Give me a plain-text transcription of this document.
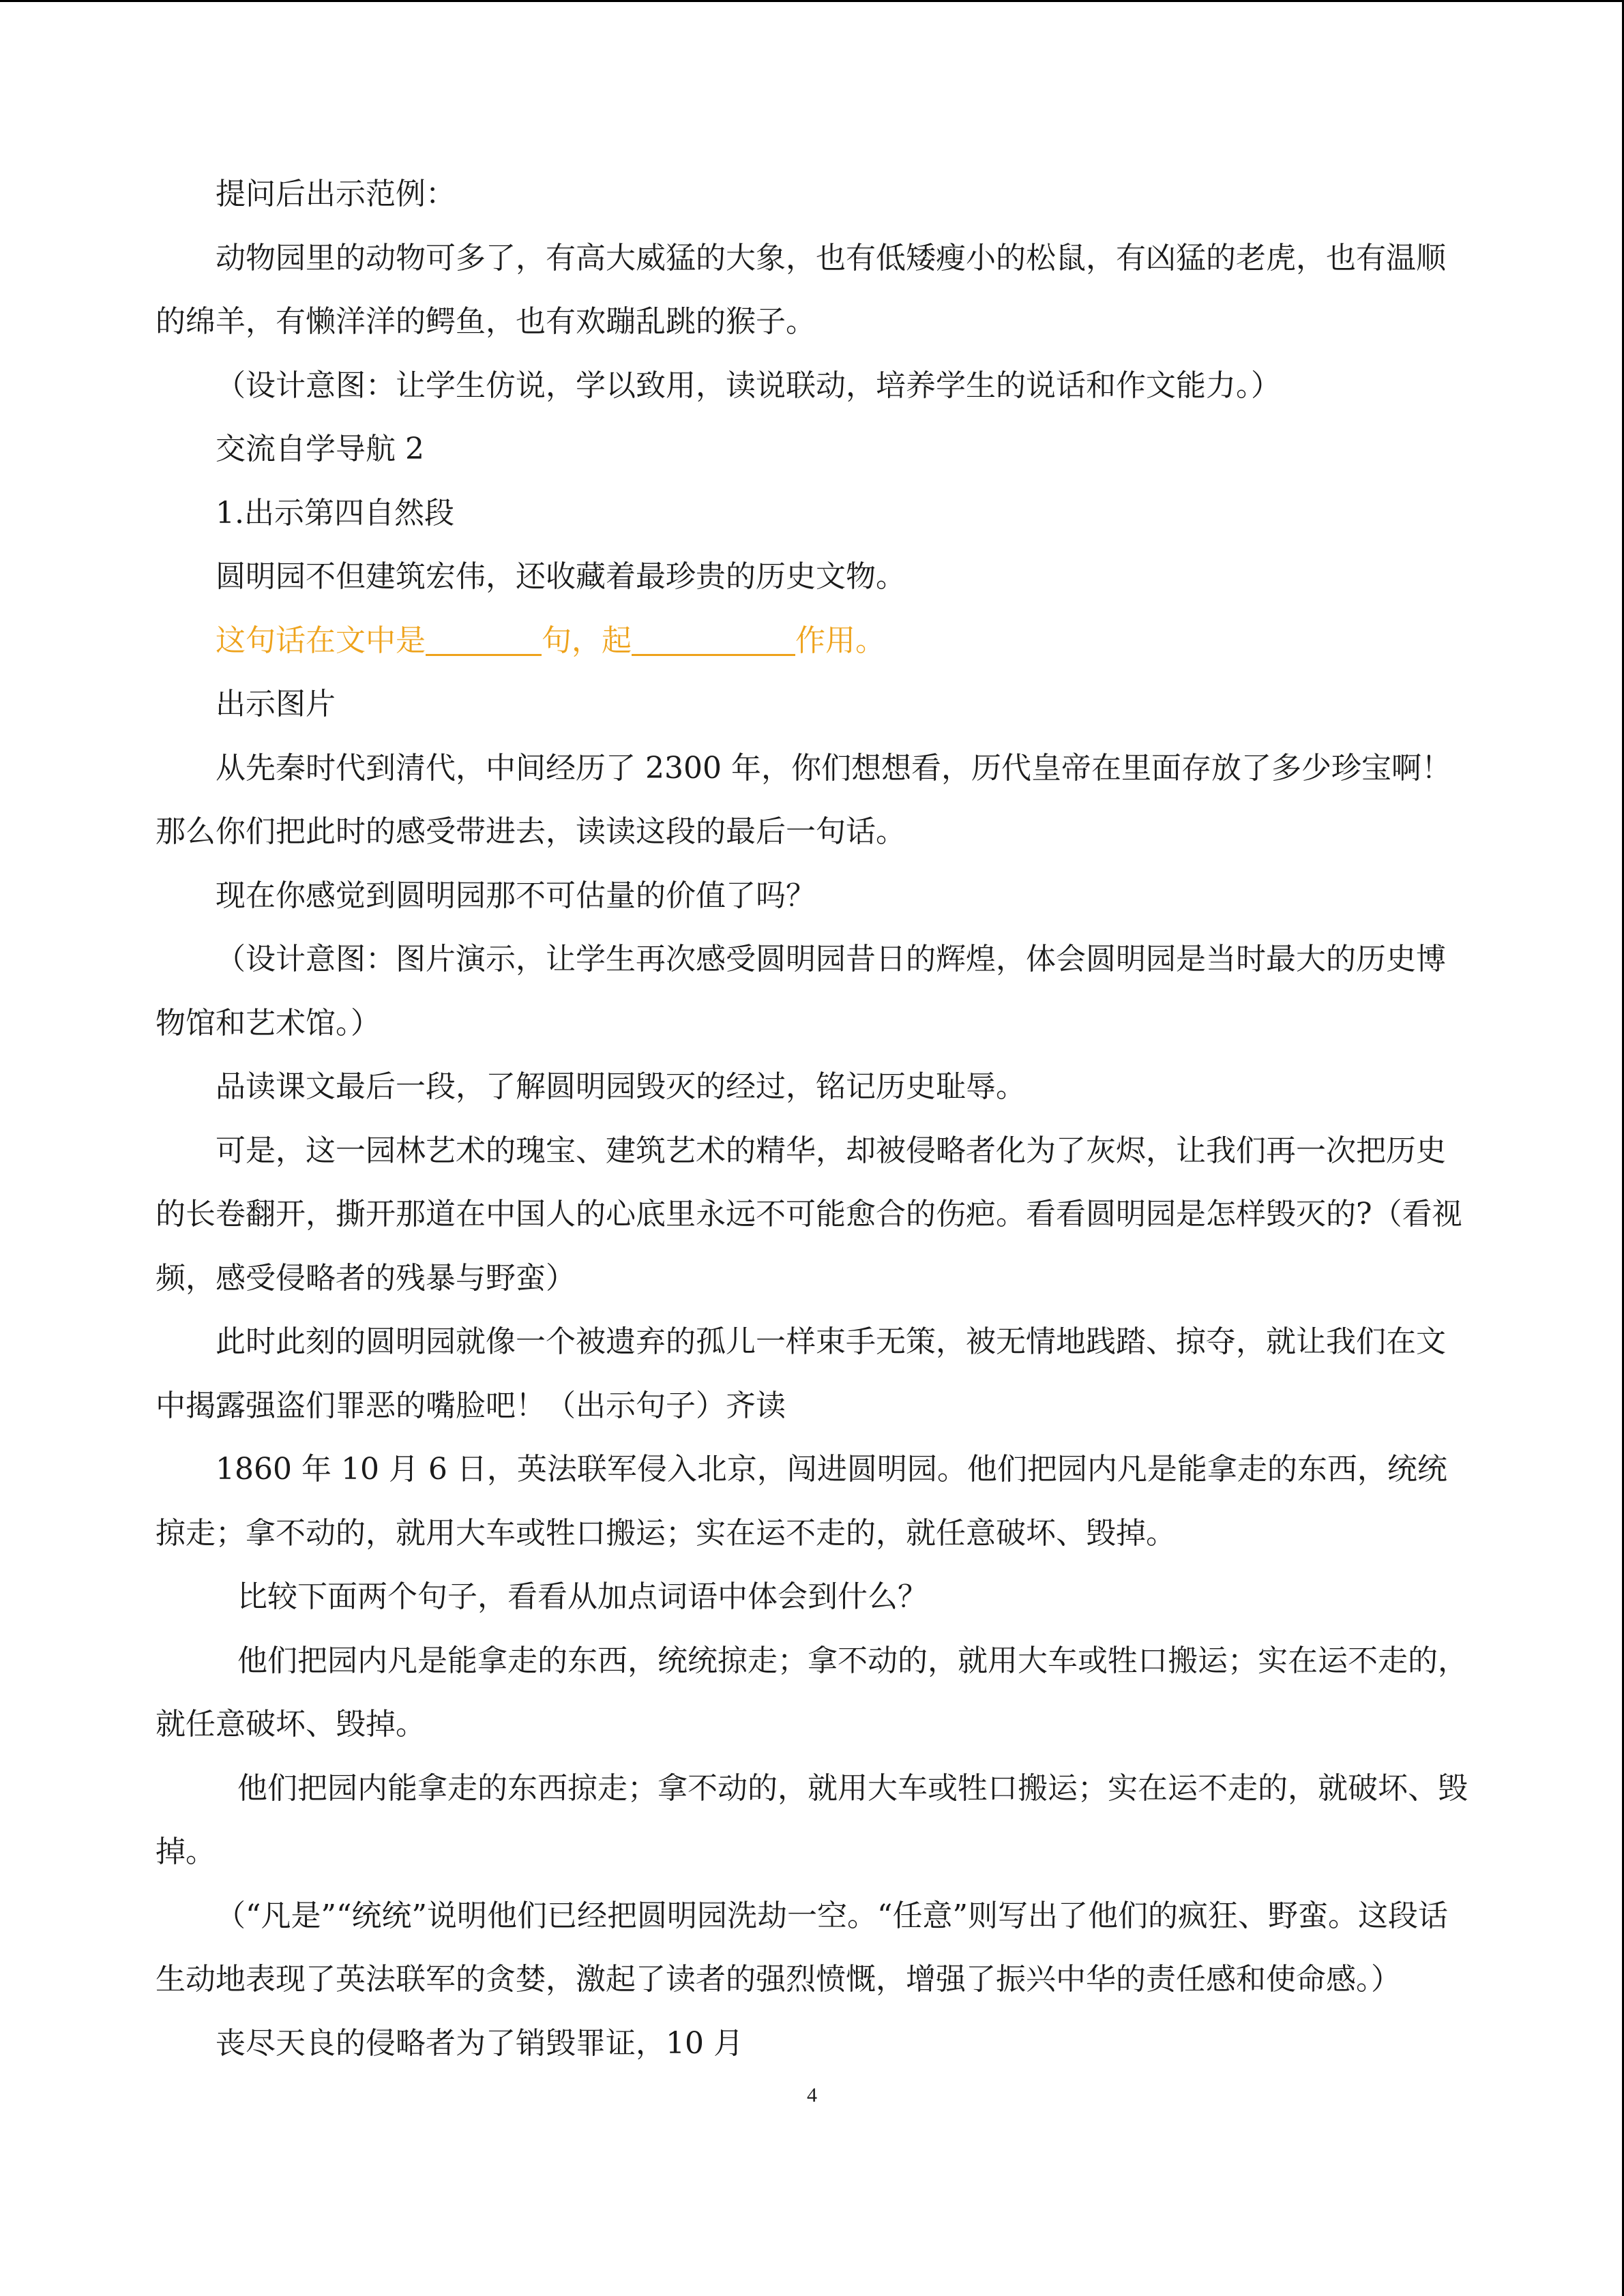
提问后出示范例：

动物园里的动物可多了，有高大威猛的大象，也有低矮瘦小的松鼠，有凶猛的老虎，也有温顺的绵羊，有懒洋洋的鳄鱼，也有欢蹦乱跳的猴子。

（设计意图：让学生仿说，学以致用，读说联动，培养学生的说话和作文能力。）

交流自学导航 2

1.出示第四自然段

圆明园不但建筑宏伟，还收藏着最珍贵的历史文物。

这句话在文中是	句，起	作用。

出示图片

从先秦时代到清代，中间经历了 2300 年，你们想想看，历代皇帝在里面存放了多少珍宝啊！那么你们把此时的感受带进去，读读这段的最后一句话。

现在你感觉到圆明园那不可估量的价值了吗？

（设计意图：图片演示，让学生再次感受圆明园昔日的辉煌，体会圆明园是当时最大的历史博物馆和艺术馆。）

品读课文最后一段，了解圆明园毁灭的经过，铭记历史耻辱。

可是，这一园林艺术的瑰宝、建筑艺术的精华，却被侵略者化为了灰烬，让我们再一次把历史的长卷翻开，撕开那道在中国人的心底里永远不可能愈合的伤疤。看看圆明园是怎样毁灭的?（看视频，感受侵略者的残暴与野蛮）

此时此刻的圆明园就像一个被遗弃的孤儿一样束手无策，被无情地践踏、掠夺，就让我们在文中揭露强盗们罪恶的嘴脸吧！（出示句子）齐读

1860 年 10 月 6 日，英法联军侵入北京，闯进圆明园。他们把园内凡是能拿走的东西，统统掠走；拿不动的，就用大车或牲口搬运；实在运不走的，就任意破坏、毁掉。

比较下面两个句子，看看从加点词语中体会到什么？

他们把园内凡是能拿走的东西，统统掠走；拿不动的，就用大车或牲口搬运；实在运不走的，就任意破坏、毁掉。

他们把园内能拿走的东西掠走；拿不动的，就用大车或牲口搬运；实在运不走的，就破坏、毁掉。

（“凡是”“统统”说明他们已经把圆明园洗劫一空。“任意”则写出了他们的疯狂、野蛮。这段话生动地表现了英法联军的贪婪，激起了读者的强烈愤慨，增强了振兴中华的责任感和使命感。）

丧尽天良的侵略者为了销毁罪证，10 月

4
